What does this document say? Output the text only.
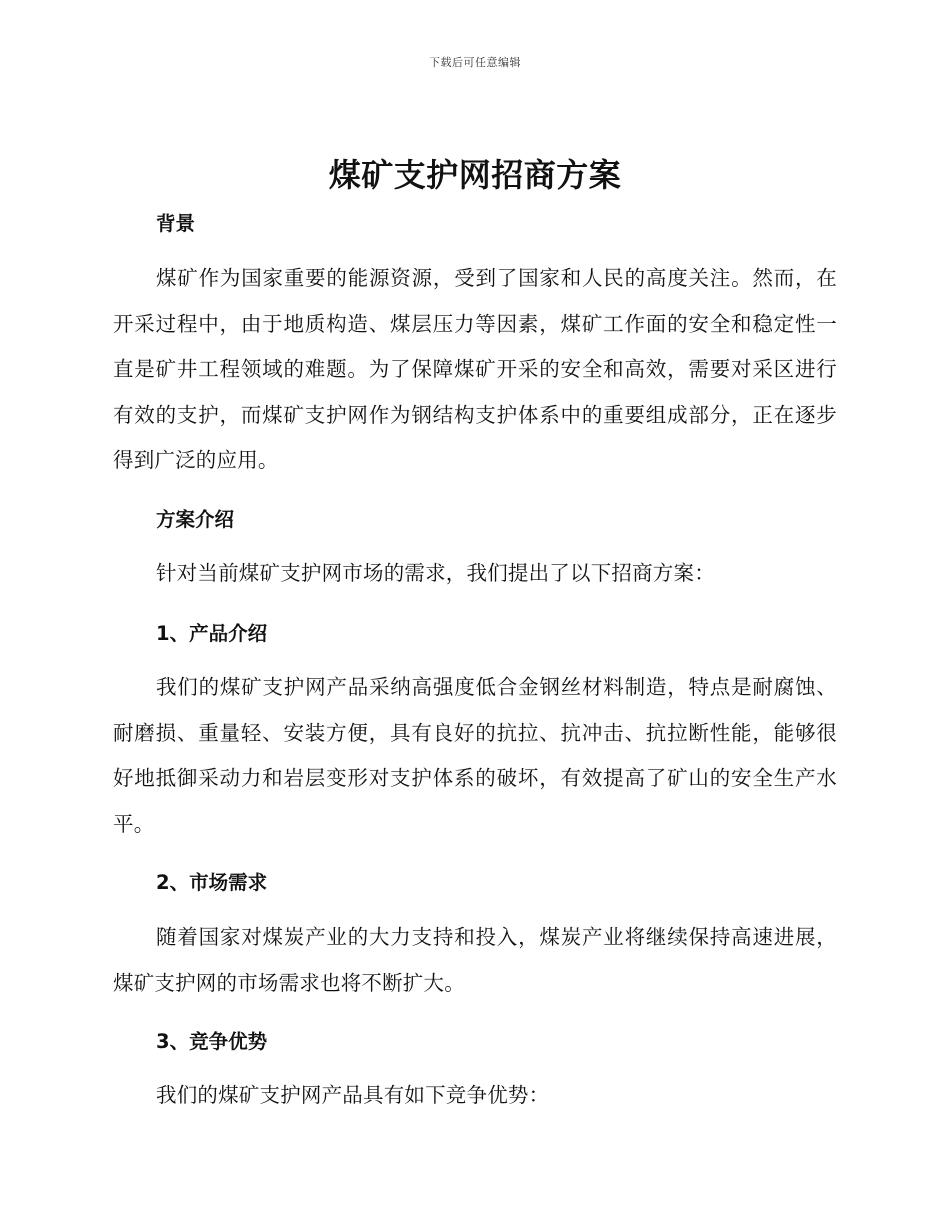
下载后可任意编辑
煤矿支护网招商方案
背景

煤矿作为国家重要的能源资源，受到了国家和人民的高度关注。然而，在开采过程中，由于地质构造、煤层压力等因素，煤矿工作面的安全和稳定性一直是矿井工程领域的难题。为了保障煤矿开采的安全和高效，需要对采区进行有效的支护，而煤矿支护网作为钢结构支护体系中的重要组成部分，正在逐步得到广泛的应用。

方案介绍

针对当前煤矿支护网市场的需求，我们提出了以下招商方案：

1、产品介绍

我们的煤矿支护网产品采纳高强度低合金钢丝材料制造，特点是耐腐蚀、耐磨损、重量轻、安装方便，具有良好的抗拉、抗冲击、抗拉断性能，能够很好地抵御采动力和岩层变形对支护体系的破坏，有效提高了矿山的安全生产水平。

2、市场需求

随着国家对煤炭产业的大力支持和投入，煤炭产业将继续保持高速进展，煤矿支护网的市场需求也将不断扩大。

3、竞争优势

我们的煤矿支护网产品具有如下竞争优势：
